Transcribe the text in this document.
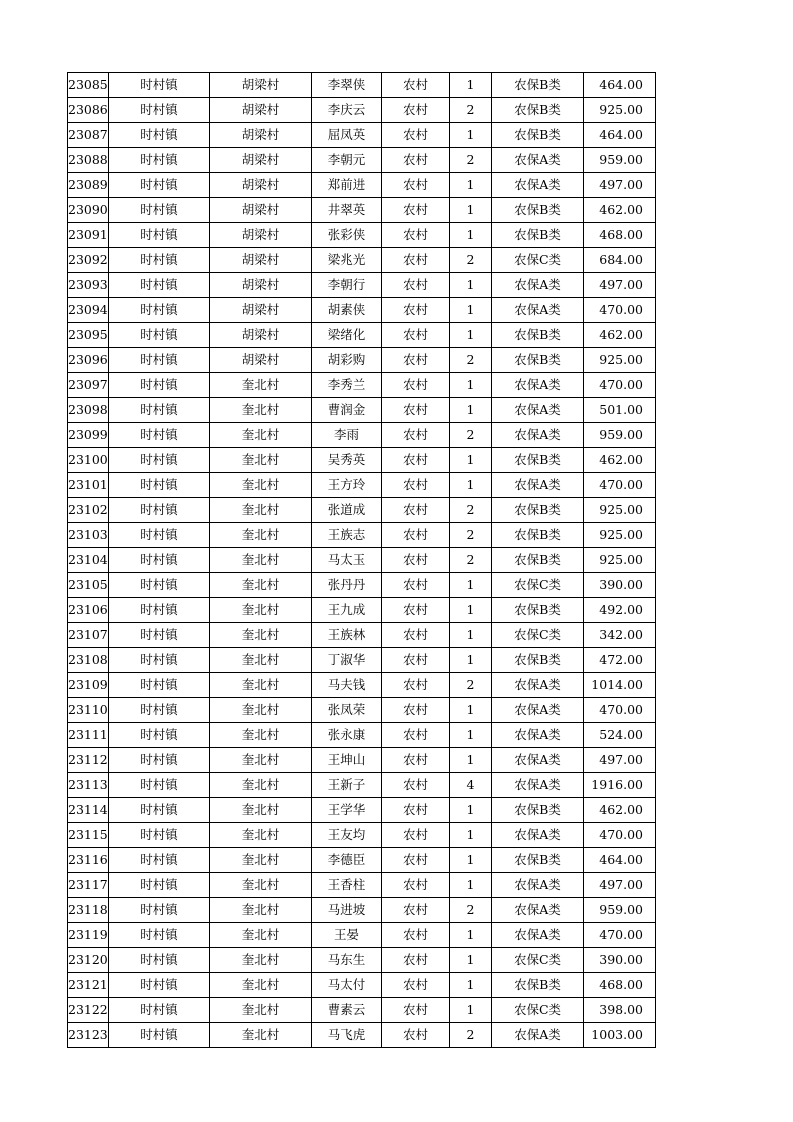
23085	时村镇	胡梁村	李翠侠	农村	1	农保B类	464.00
23086	时村镇	胡梁村	李庆云	农村	2	农保B类	925.00
23087	时村镇	胡梁村	屈凤英	农村	1	农保B类	464.00
23088	时村镇	胡梁村	李朝元	农村	2	农保A类	959.00
23089	时村镇	胡梁村	郑前进	农村	1	农保A类	497.00
23090	时村镇	胡梁村	井翠英	农村	1	农保B类	462.00
23091	时村镇	胡梁村	张彩侠	农村	1	农保B类	468.00
23092	时村镇	胡梁村	梁兆光	农村	2	农保C类	684.00
23093	时村镇	胡梁村	李朝行	农村	1	农保A类	497.00
23094	时村镇	胡梁村	胡素侠	农村	1	农保A类	470.00
23095	时村镇	胡梁村	梁绪化	农村	1	农保B类	462.00
23096	时村镇	胡梁村	胡彩购	农村	2	农保B类	925.00
23097	时村镇	奎北村	李秀兰	农村	1	农保A类	470.00
23098	时村镇	奎北村	曹润金	农村	1	农保A类	501.00
23099	时村镇	奎北村	李雨	农村	2	农保A类	959.00
23100	时村镇	奎北村	吴秀英	农村	1	农保B类	462.00
23101	时村镇	奎北村	王方玲	农村	1	农保A类	470.00
23102	时村镇	奎北村	张道成	农村	2	农保B类	925.00
23103	时村镇	奎北村	王族志	农村	2	农保B类	925.00
23104	时村镇	奎北村	马太玉	农村	2	农保B类	925.00
23105	时村镇	奎北村	张丹丹	农村	1	农保C类	390.00
23106	时村镇	奎北村	王九成	农村	1	农保B类	492.00
23107	时村镇	奎北村	王族林	农村	1	农保C类	342.00
23108	时村镇	奎北村	丁淑华	农村	1	农保B类	472.00
23109	时村镇	奎北村	马夫钱	农村	2	农保A类	1014.00
23110	时村镇	奎北村	张凤荣	农村	1	农保A类	470.00
23111	时村镇	奎北村	张永康	农村	1	农保A类	524.00
23112	时村镇	奎北村	王坤山	农村	1	农保A类	497.00
23113	时村镇	奎北村	王新子	农村	4	农保A类	1916.00
23114	时村镇	奎北村	王学华	农村	1	农保B类	462.00
23115	时村镇	奎北村	王友均	农村	1	农保A类	470.00
23116	时村镇	奎北村	李德臣	农村	1	农保B类	464.00
23117	时村镇	奎北村	王香柱	农村	1	农保A类	497.00
23118	时村镇	奎北村	马进坡	农村	2	农保A类	959.00
23119	时村镇	奎北村	王晏	农村	1	农保A类	470.00
23120	时村镇	奎北村	马东生	农村	1	农保C类	390.00
23121	时村镇	奎北村	马太付	农村	1	农保B类	468.00
23122	时村镇	奎北村	曹素云	农村	1	农保C类	398.00
23123	时村镇	奎北村	马飞虎	农村	2	农保A类	1003.00
